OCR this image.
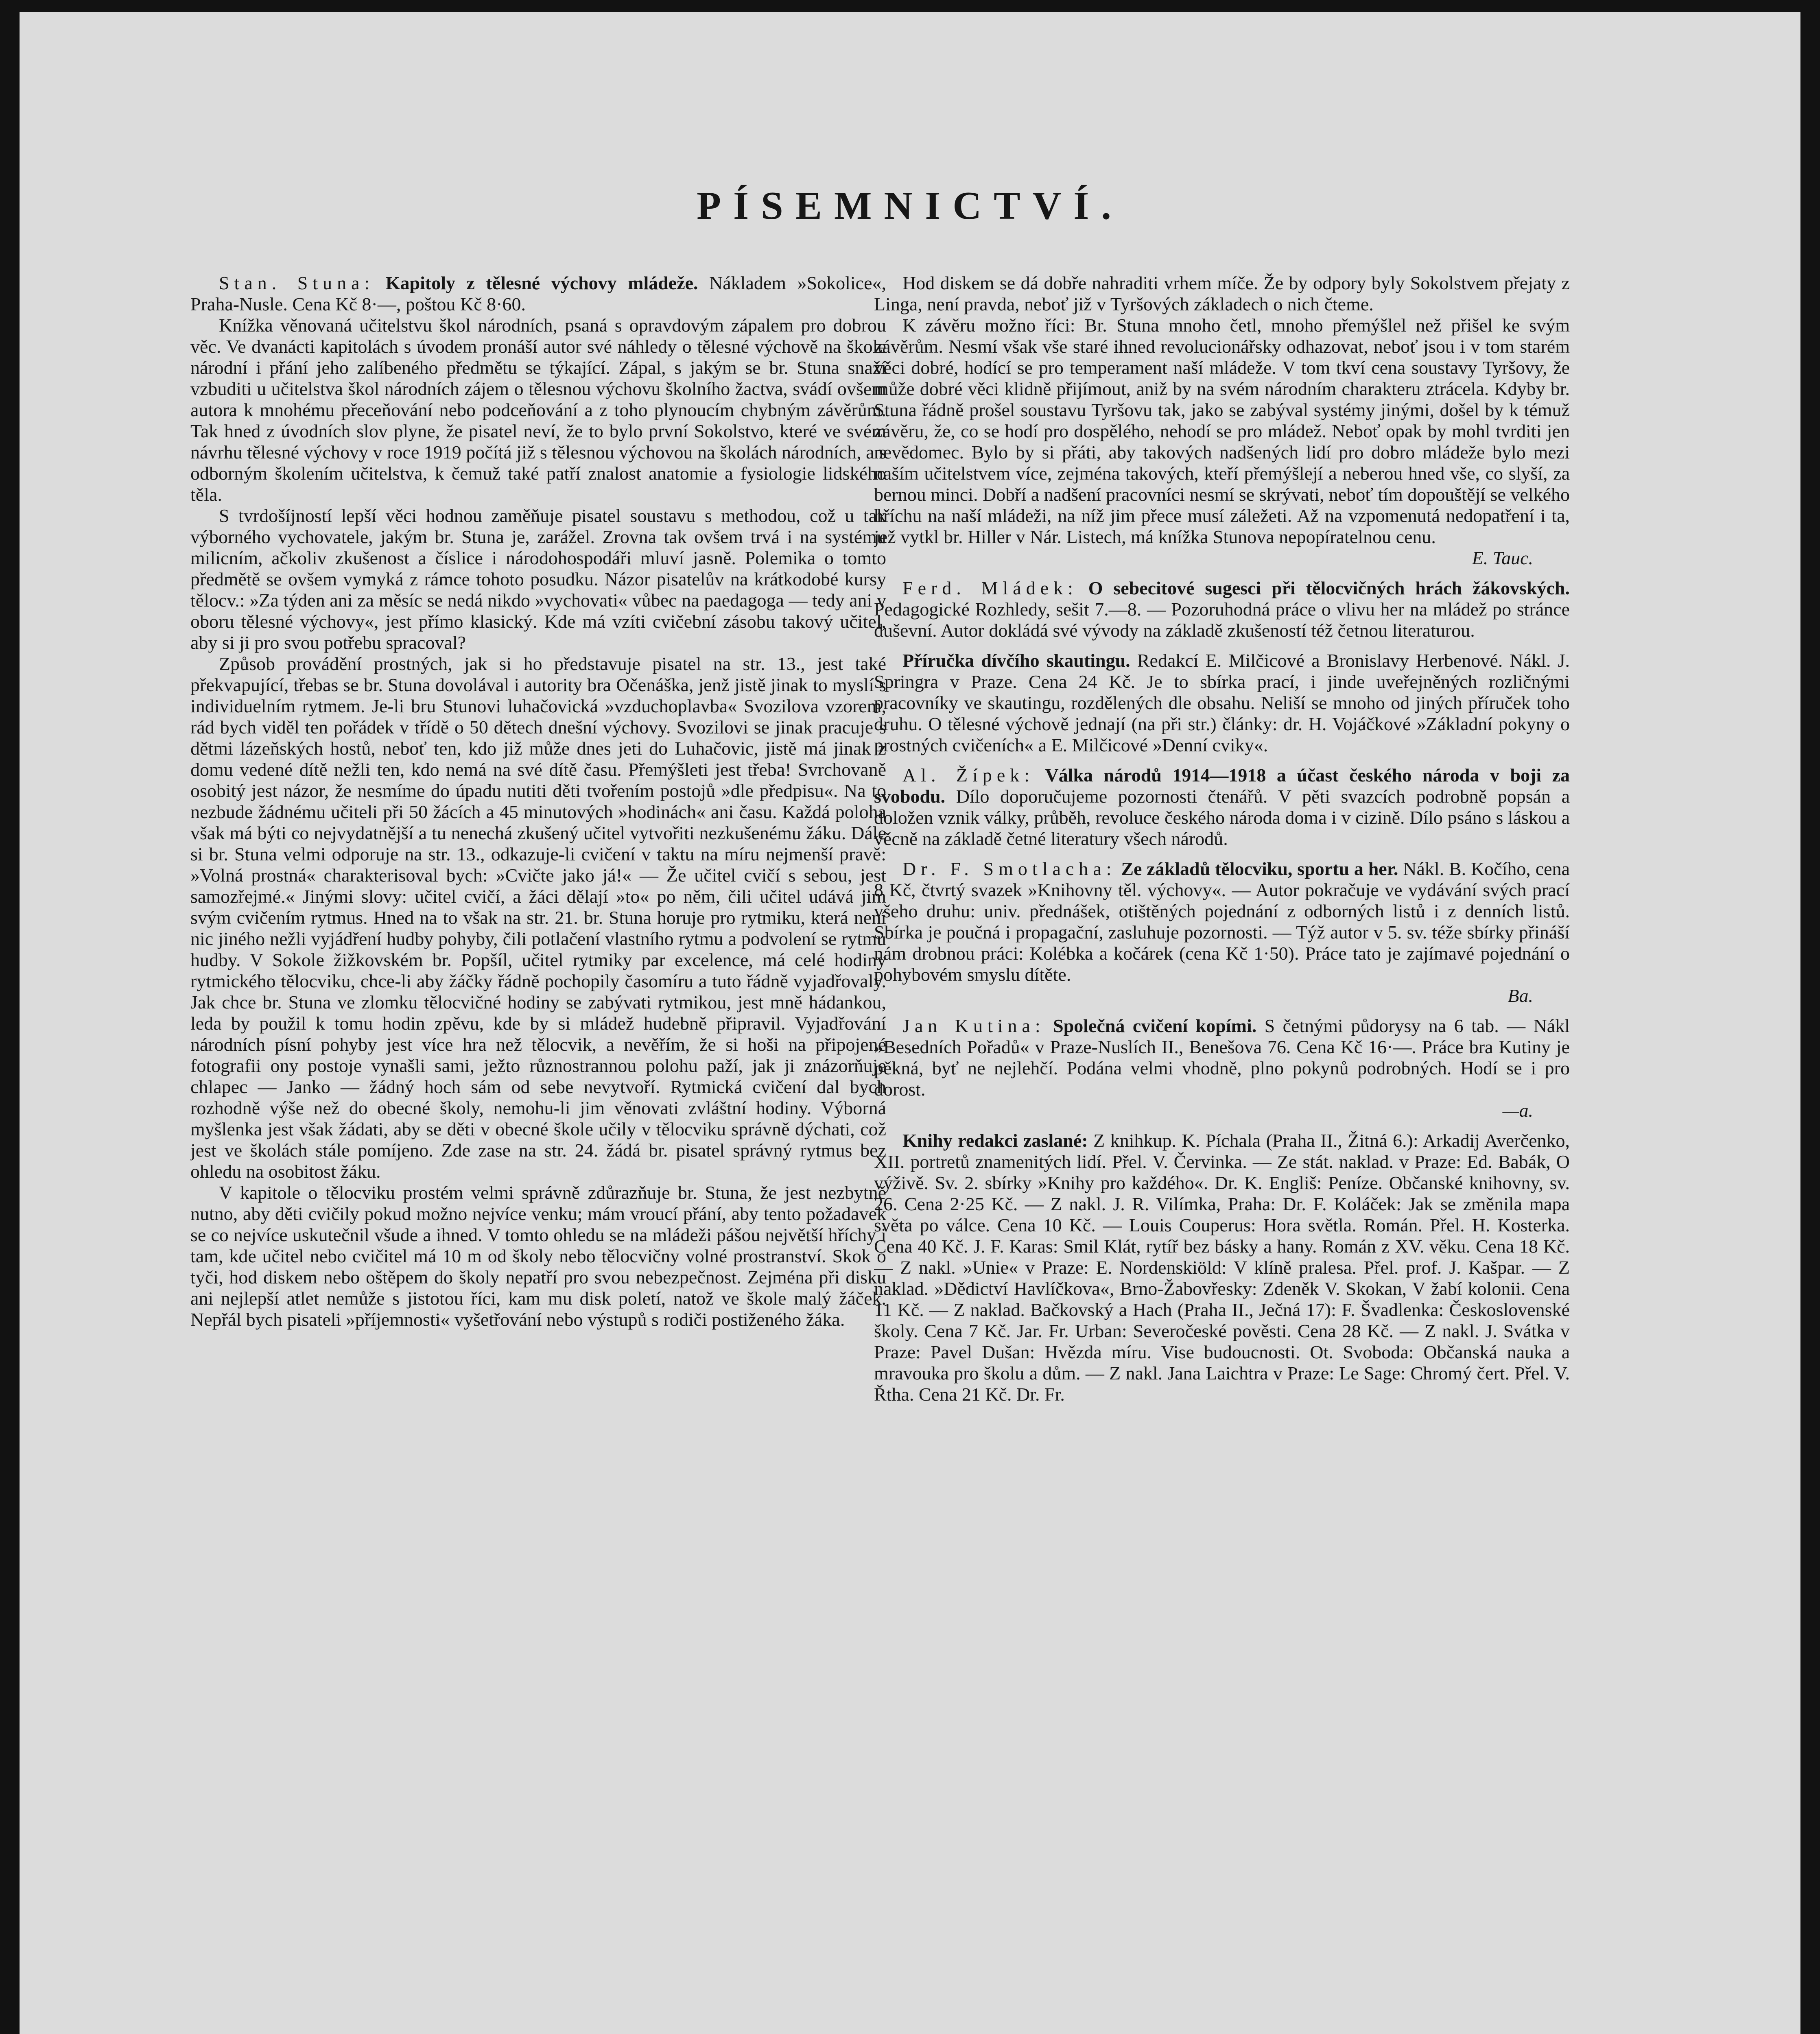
PÍSEMNICTVÍ.

Stan. Stuna: Kapitoly z tělesné výchovy mládeže. Nákladem »Sokolice«, Praha-Nusle. Cena Kč 8·—, poštou Kč 8·60.

Knížka věnovaná učitelstvu škol národních, psaná s opravdovým zápalem pro dobrou věc. Ve dvanácti kapitolách s úvodem pronáší autor své náhledy o tělesné výchově na škole národní i přání jeho zalíbeného předmětu se týkající. Zápal, s jakým se br. Stuna snaží vzbuditi u učitelstva škol národních zájem o tělesnou výchovu školního žactva, svádí ovšem autora k mnohému přeceňování nebo podceňování a z toho plynoucím chybným závěrům. Tak hned z úvodních slov plyne, že pisatel neví, že to bylo první Sokolstvo, které ve svém návrhu tělesné výchovy v roce 1919 počítá již s tělesnou výchovou na školách národních, a s odborným školením učitelstva, k čemuž také patří znalost anatomie a fysiologie lidského těla.

S tvrdošíjností lepší věci hodnou zaměňuje pisatel soustavu s methodou, což u tak výborného vychovatele, jakým br. Stuna je, zarážel. Zrovna tak ovšem trvá i na systému milicním, ačkoliv zkušenost a číslice i národohospodáři mluví jasně. Polemika o tomto předmětě se ovšem vymyká z rámce tohoto posudku. Názor pisatelův na krátkodobé kursy tělocv.: »Za týden ani za měsíc se nedá nikdo »vychovati« vůbec na paedagoga — tedy ani v oboru tělesné výchovy«, jest přímo klasický. Kde má vzíti cvičební zásobu takový učitel, aby si ji pro svou potřebu spracoval?

Způsob provádění prostných, jak si ho představuje pisatel na str. 13., jest také překvapující, třebas se br. Stuna dovolával i autority bra Očenáška, jenž jistě jinak to myslí s individuelním rytmem. Je-li bru Stunovi luhačovická »vzduchoplavba« Svozilova vzorem, rád bych viděl ten pořádek v třídě o 50 dětech dnešní výchovy. Svozilovi se jinak pracuje s dětmi lázeňských hostů, neboť ten, kdo již může dnes jeti do Luhačovic, jistě má jinak z domu vedené dítě nežli ten, kdo nemá na své dítě času. Přemýšleti jest třeba! Svrchovaně osobitý jest názor, že nesmíme do úpadu nutiti děti tvořením postojů »dle předpisu«. Na to nezbude žádnému učiteli při 50 žácích a 45 minutových »hodinách« ani času. Každá poloha však má býti co nejvydatnější a tu nenechá zkušený učitel vytvořiti nezkušenému žáku. Dále si br. Stuna velmi odporuje na str. 13., odkazuje-li cvičení v taktu na míru nejmenší pravě: »Volná prostná« charakterisoval bych: »Cvičte jako já!« — Že učitel cvičí s sebou, jest samozřejmé.« Jinými slovy: učitel cvičí, a žáci dělají »to« po něm, čili učitel udává jim svým cvičením rytmus. Hned na to však na str. 21. br. Stuna horuje pro rytmiku, která není nic jiného nežli vyjádření hudby pohyby, čili potlačení vlastního rytmu a podvolení se rytmu hudby. V Sokole žižkovském br. Popšíl, učitel rytmiky par excelence, má celé hodiny rytmického tělocviku, chce-li aby žáčky řádně pochopily časomíru a tuto řádně vyjadřovaly. Jak chce br. Stuna ve zlomku tělocvičné hodiny se zabývati rytmikou, jest mně hádankou, leda by použil k tomu hodin zpěvu, kde by si mládež hudebně připravil. Vyjadřování národních písní pohyby jest více hra než tělocvik, a nevěřím, že si hoši na připojené fotografii ony postoje vynašli sami, ježto různostrannou polohu paží, jak ji znázorňuje chlapec — Janko — žádný hoch sám od sebe nevytvoří. Rytmická cvičení dal bych rozhodně výše než do obecné školy, nemohu-li jim věnovati zvláštní hodiny. Výborná myšlenka jest však žádati, aby se děti v obecné škole učily v tělocviku správně dýchati, což jest ve školách stále pomíjeno. Zde zase na str. 24. žádá br. pisatel správný rytmus bez ohledu na osobitost žáku.

V kapitole o tělocviku prostém velmi správně zdůrazňuje br. Stuna, že jest nezbytně nutno, aby děti cvičily pokud možno nejvíce venku; mám vroucí přání, aby tento požadavek se co nejvíce uskutečnil všude a ihned. V tomto ohledu se na mládeži pášou největší hříchy i tam, kde učitel nebo cvičitel má 10 m od školy nebo tělocvičny volné prostranství. Skok o tyči, hod diskem nebo oštěpem do školy nepatří pro svou nebezpečnost. Zejména při disku ani nejlepší atlet nemůže s jistotou říci, kam mu disk poletí, natož ve škole malý žáček. Nepřál bych pisateli »příjemnosti« vyšetřování nebo výstupů s rodiči postiženého žáka.

Hod diskem se dá dobře nahraditi vrhem míče. Že by odpory byly Sokolstvem přejaty z Linga, není pravda, neboť již v Tyršových základech o nich čteme.

K závěru možno říci: Br. Stuna mnoho četl, mnoho přemýšlel než přišel ke svým závěrům. Nesmí však vše staré ihned revolucionářsky odhazovat, neboť jsou i v tom starém věci dobré, hodící se pro temperament naší mládeže. V tom tkví cena soustavy Tyršovy, že může dobré věci klidně přijímout, aniž by na svém národním charakteru ztrácela. Kdyby br. Stuna řádně prošel soustavu Tyršovu tak, jako se zabýval systémy jinými, došel by k témuž závěru, že, co se hodí pro dospělého, nehodí se pro mládež. Neboť opak by mohl tvrditi jen nevědomec. Bylo by si přáti, aby takových nadšených lidí pro dobro mládeže bylo mezi naším učitelstvem více, zejména takových, kteří přemýšlejí a neberou hned vše, co slyší, za bernou minci. Dobří a nadšení pracovníci nesmí se skrývati, neboť tím dopouštějí se velkého hříchu na naší mládeži, na níž jim přece musí záležeti. Až na vzpomenutá nedopatření i ta, jež vytkl br. Hiller v Nár. Listech, má knížka Stunova nepopíratelnou cenu.

E. Tauc.

Ferd. Mládek: O sebecitové sugesci při tělocvičných hrách žákovských. Pedagogické Rozhledy, sešit 7.—8. — Pozoruhodná práce o vlivu her na mládež po stránce duševní. Autor dokládá své vývody na základě zkušeností též četnou literaturou.

Příručka dívčího skautingu. Redakcí E. Milčicové a Bronislavy Herbenové. Nákl. J. Springra v Praze. Cena 24 Kč. Je to sbírka prací, i jinde uveřejněných rozličnými pracovníky ve skautingu, rozdělených dle obsahu. Neliší se mnoho od jiných příruček toho druhu. O tělesné výchově jednají (na při str.) články: dr. H. Vojáčkové »Základní pokyny o prostných cvičeních« a E. Milčicové »Denní cviky«.

Al. Žípek: Válka národů 1914—1918 a účast českého národa v boji za svobodu. Dílo doporučujeme pozornosti čtenářů. V pěti svazcích podrobně popsán a doložen vznik války, průběh, revoluce českého národa doma i v cizině. Dílo psáno s láskou a věcně na základě četné literatury všech národů.

Dr. F. Smotlacha: Ze základů tělocviku, sportu a her. Nákl. B. Kočího, cena 8 Kč, čtvrtý svazek »Knihovny těl. výchovy«. — Autor pokračuje ve vydávání svých prací všeho druhu: univ. přednášek, otištěných pojednání z odborných listů i z denních listů. Sbírka je poučná i propagační, zasluhuje pozornosti. — Týž autor v 5. sv. téže sbírky přináší nám drobnou práci: Kolébka a kočárek (cena Kč 1·50). Práce tato je zajímavé pojednání o pohybovém smyslu dítěte.
Ba.

Jan Kutina: Společná cvičení kopími. S četnými půdorysy na 6 tab. — Nákl »Besedních Pořadů« v Praze-Nuslích II., Benešova 76. Cena Kč 16·—. Práce bra Kutiny je pěkná, byť ne nejlehčí. Podána velmi vhodně, plno pokynů podrobných. Hodí se i pro dorost.
—a.

Knihy redakci zaslané: Z knihkup. K. Píchala (Praha II., Žitná 6.): Arkadij Averčenko, XII. portretů znamenitých lidí. Přel. V. Červinka. — Ze stát. naklad. v Praze: Ed. Babák, O výživě. Sv. 2. sbírky »Knihy pro každého«. Dr. K. Engliš: Peníze. Občanské knihovny, sv. 26. Cena 2·25 Kč. — Z nakl. J. R. Vilímka, Praha: Dr. F. Koláček: Jak se změnila mapa světa po válce. Cena 10 Kč. — Louis Couperus: Hora světla. Román. Přel. H. Kosterka. Cena 40 Kč. J. F. Karas: Smil Klát, rytíř bez básky a hany. Román z XV. věku. Cena 18 Kč. — Z nakl. »Unie« v Praze: E. Nordenskiöld: V klíně pralesa. Přel. prof. J. Kašpar. — Z naklad. »Dědictví Havlíčkova«, Brno-Žabovřesky: Zdeněk V. Skokan, V žabí kolonii. Cena 11 Kč. — Z naklad. Bačkovský a Hach (Praha II., Ječná 17): F. Švadlenka: Československé školy. Cena 7 Kč. Jar. Fr. Urban: Severočeské pověsti. Cena 28 Kč. — Z nakl. J. Svátka v Praze: Pavel Dušan: Hvězda míru. Vise budoucnosti. Ot. Svoboda: Občanská nauka a mravouka pro školu a dům. — Z nakl. Jana Laichtra v Praze: Le Sage: Chromý čert. Přel. V. Řtha. Cena 21 Kč. Dr. Fr.
